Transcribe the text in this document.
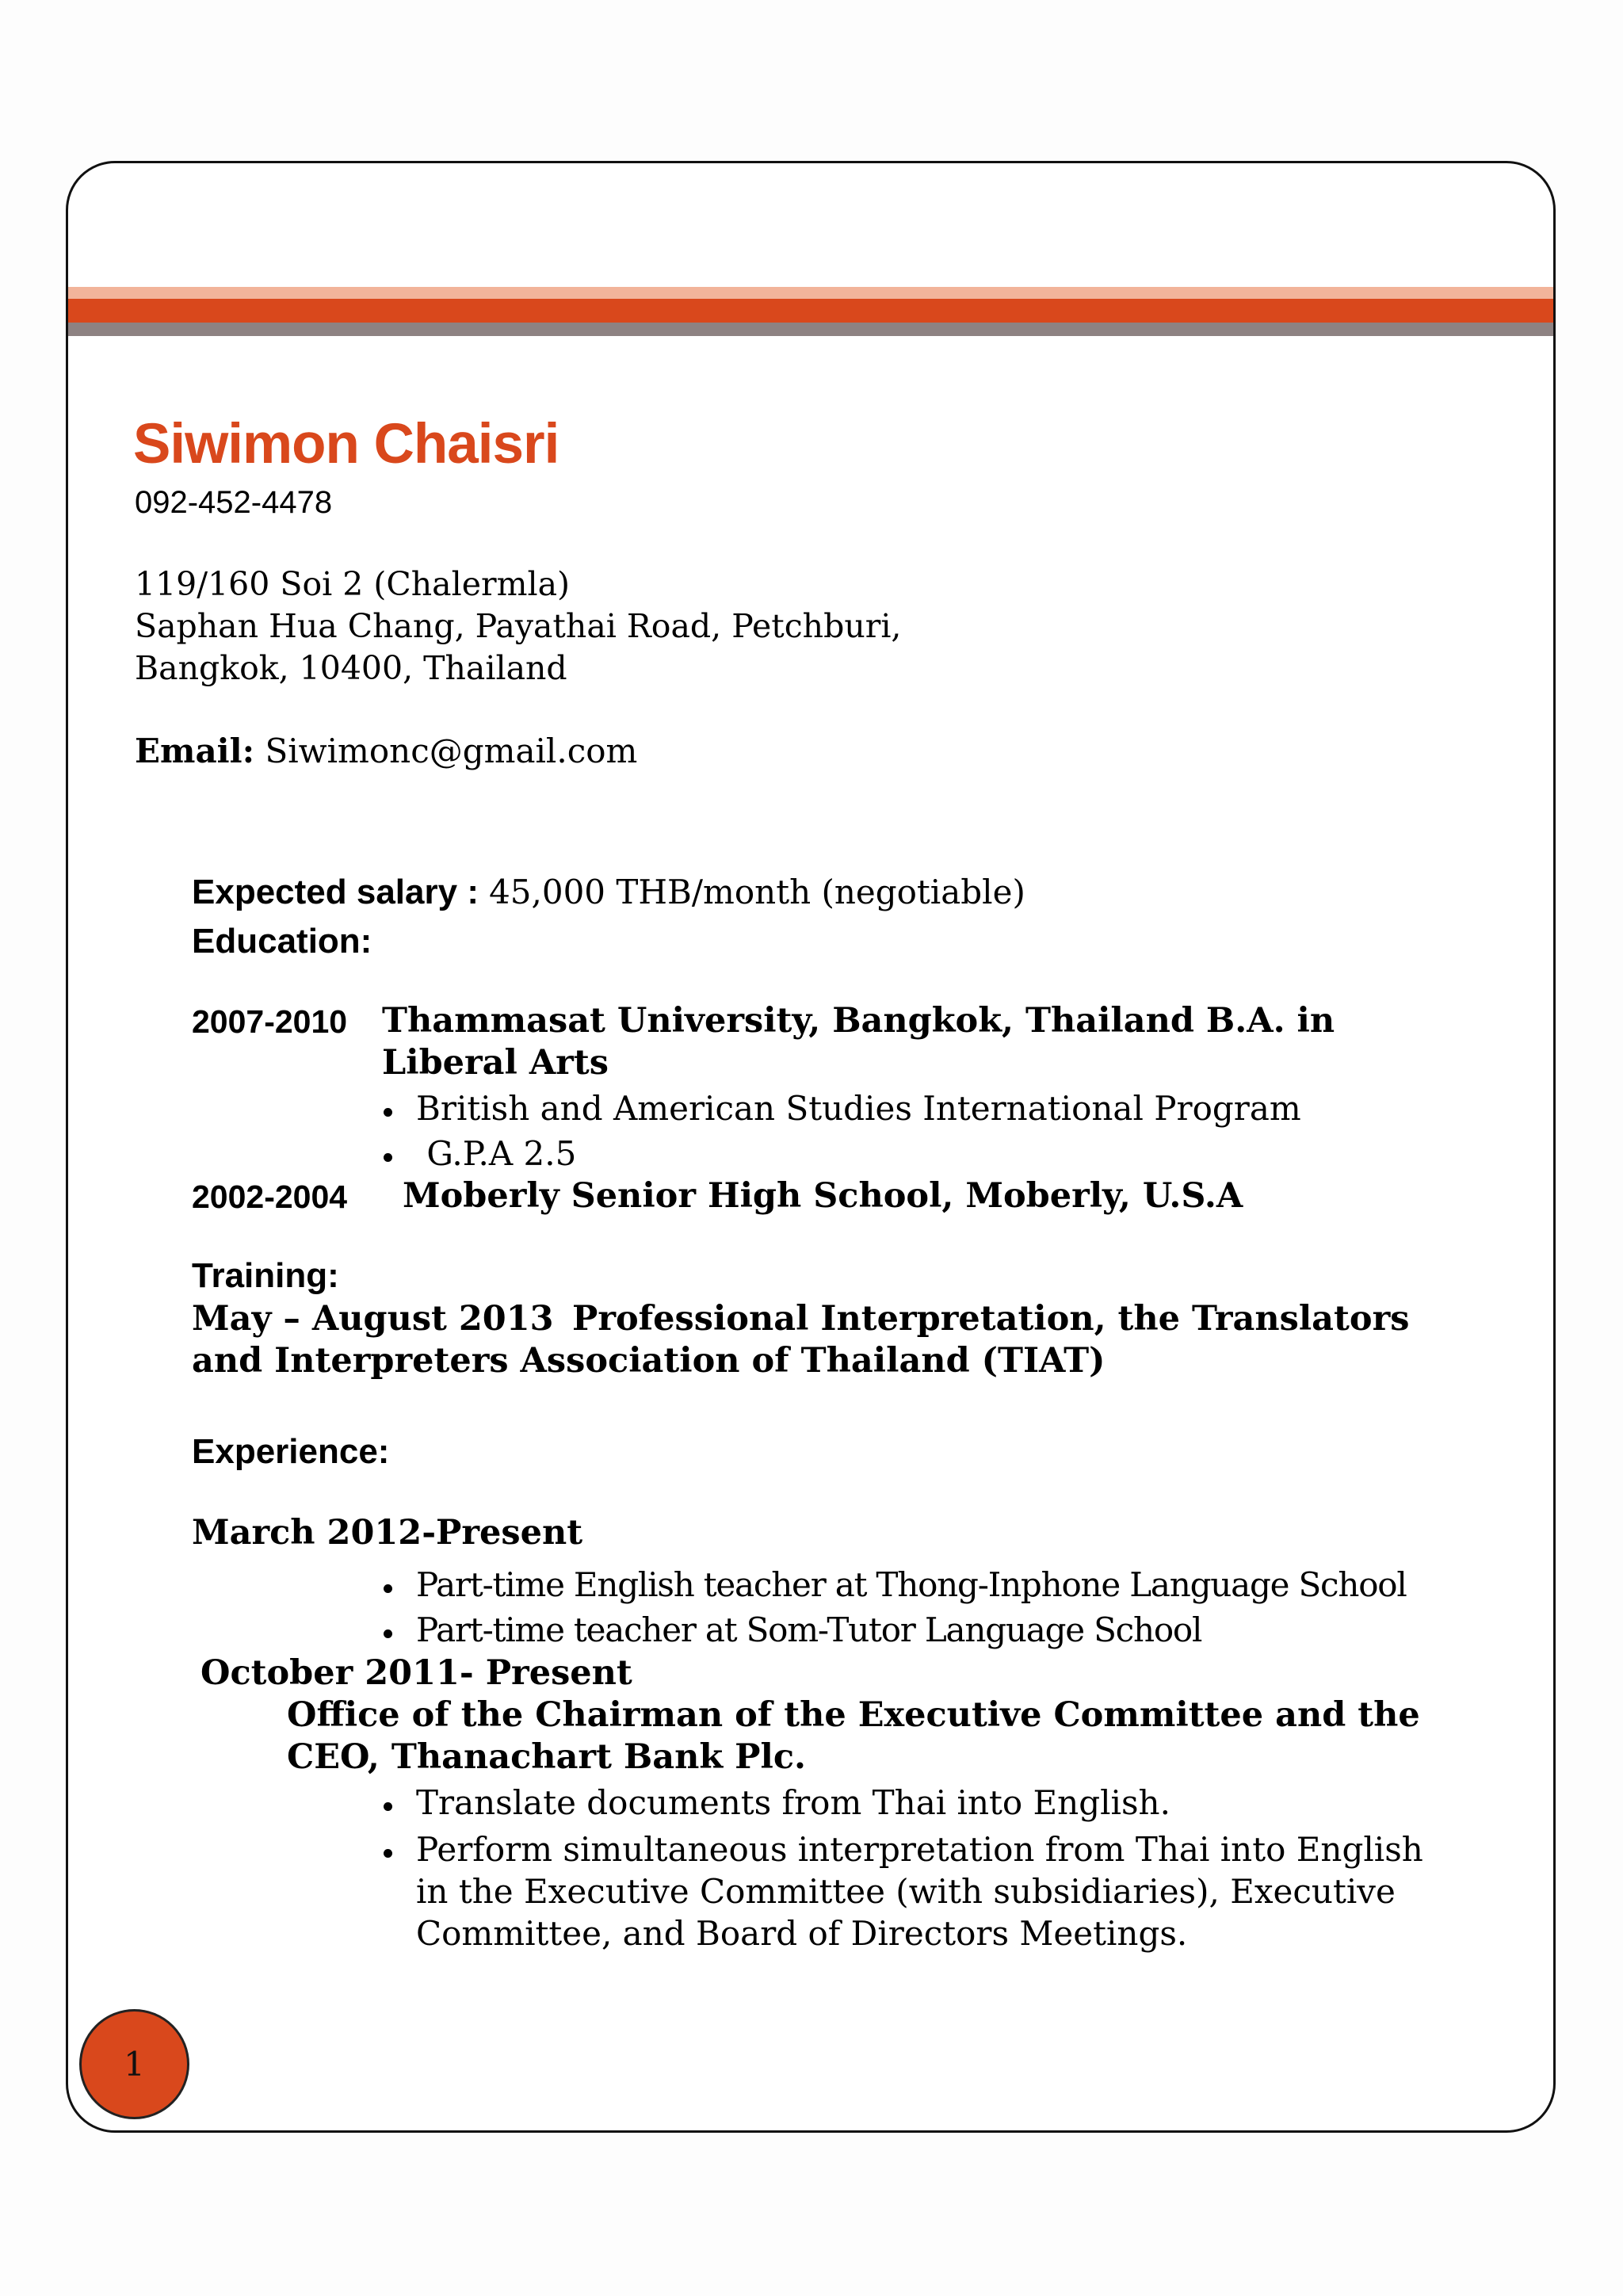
Siwimon Chaisri
092-452-4478
119/160 Soi 2 (Chalermla)
Saphan Hua Chang, Payathai Road, Petchburi,
Bangkok, 10400, Thailand
Email: Siwimonc@gmail.com
Expected salary : 45,000 THB/month (negotiable)
Education:
2007-2010 Thammasat University, Bangkok, Thailand B.A. in
Liberal Arts
British and American Studies International Program
G.P.A 2.5
2002-2004 Moberly Senior High School, Moberly, U.S.A
Training:
May – August 2013 Professional Interpretation, the Translators
and Interpreters Association of Thailand (TIAT)
Experience:
March 2012-Present
Part-time English teacher at Thong-Inphone Language School
Part-time teacher at Som-Tutor Language School
October 2011- Present
Office of the Chairman of the Executive Committee and the
CEO, Thanachart Bank Plc.
Translate documents from Thai into English.
Perform simultaneous interpretation from Thai into English
in the Executive Committee (with subsidiaries), Executive
Committee, and Board of Directors Meetings.
1
